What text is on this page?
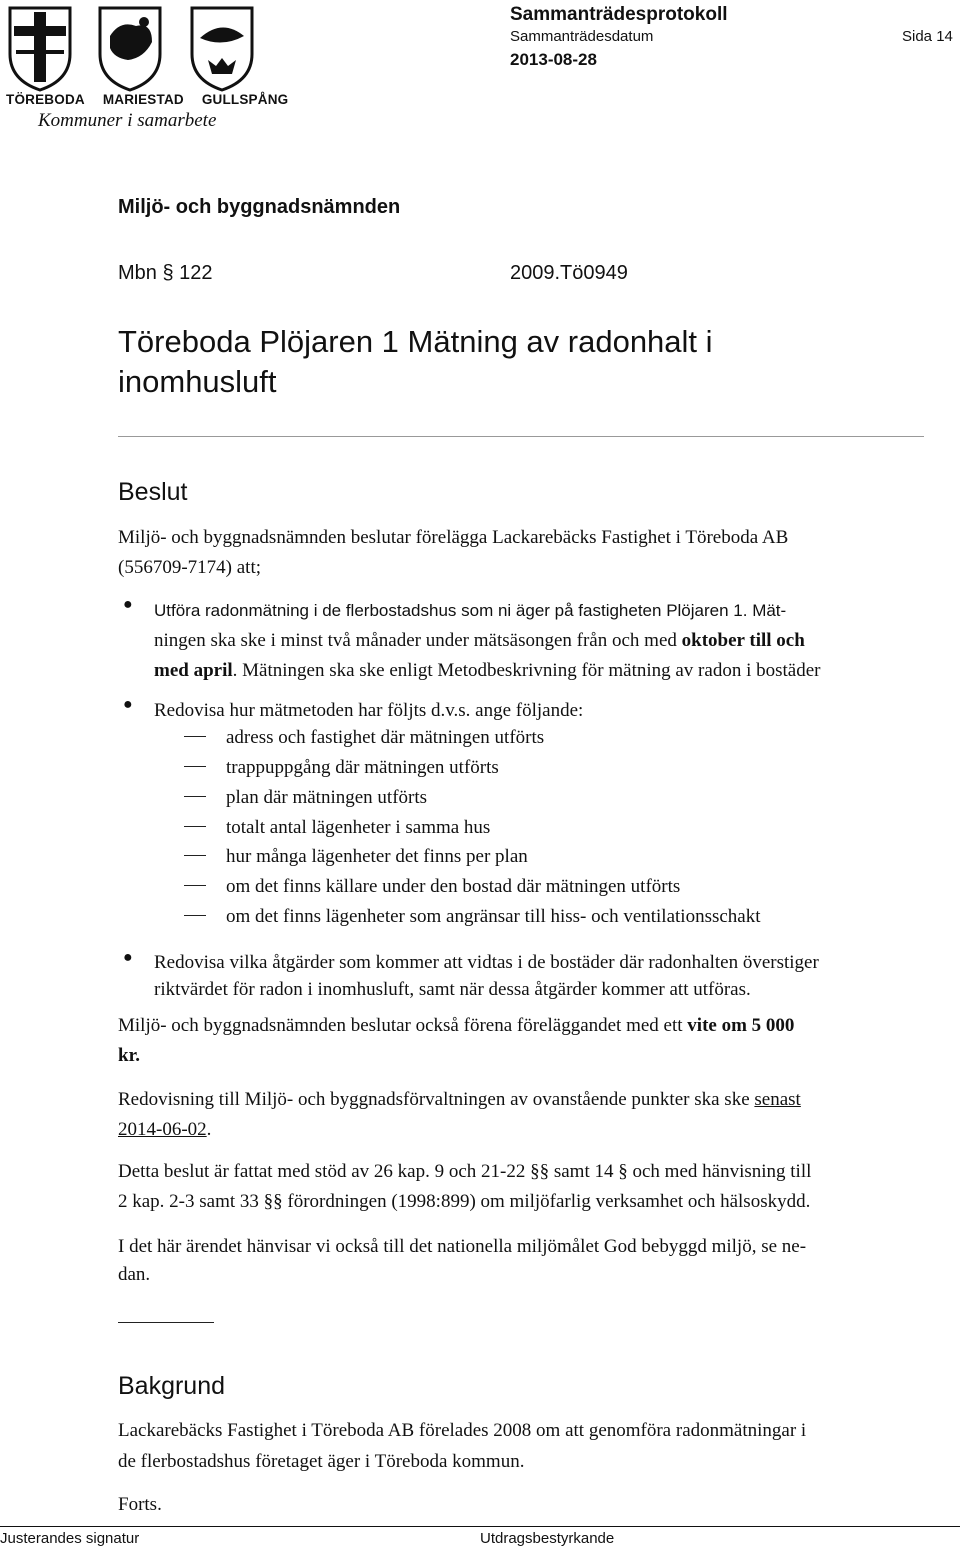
TÖREBODA MARIESTAD GULLSPÅNG
Kommuner i samarbete
Sammanträdesprotokoll
Sammanträdesdatum	Sida 14
2013-08-28
Miljö- och byggnadsnämnden
Mbn § 122	2009.Tö0949
Töreboda Plöjaren 1 Mätning av radonhalt i
inomhusluft
Beslut
Miljö- och byggnadsnämnden beslutar förelägga Lackarebäcks Fastighet i Töreboda AB
(556709-7174) att;
● Utföra radonmätning i de flerbostadshus som ni äger på fastigheten Plöjaren 1. Mät-
ningen ska ske i minst två månader under mätsäsongen från och med oktober till och
med april. Mätningen ska ske enligt Metodbeskrivning för mätning av radon i bostäder
● Redovisa hur mätmetoden har följts d.v.s. ange följande:
adress och fastighet där mätningen utförts
trappuppgång där mätningen utförts
plan där mätningen utförts
totalt antal lägenheter i samma hus
hur många lägenheter det finns per plan
om det finns källare under den bostad där mätningen utförts
om det finns lägenheter som angränsar till hiss- och ventilationsschakt
● Redovisa vilka åtgärder som kommer att vidtas i de bostäder där radonhalten överstiger
riktvärdet för radon i inomhusluft, samt när dessa åtgärder kommer att utföras.
Miljö- och byggnadsnämnden beslutar också förena föreläggandet med ett vite om 5 000
kr.
Redovisning till Miljö- och byggnadsförvaltningen av ovanstående punkter ska ske senast
2014-06-02.
Detta beslut är fattat med stöd av 26 kap. 9 och 21-22 §§ samt 14 § och med hänvisning till
2 kap. 2-3 samt 33 §§ förordningen (1998:899) om miljöfarlig verksamhet och hälsoskydd.
I det här ärendet hänvisar vi också till det nationella miljömålet God bebyggd miljö, se ne-
dan.
Bakgrund
Lackarebäcks Fastighet i Töreboda AB förelades 2008 om att genomföra radonmätningar i
de flerbostadshus företaget äger i Töreboda kommun.
Forts.
Justerandes signatur	Utdragsbestyrkande
